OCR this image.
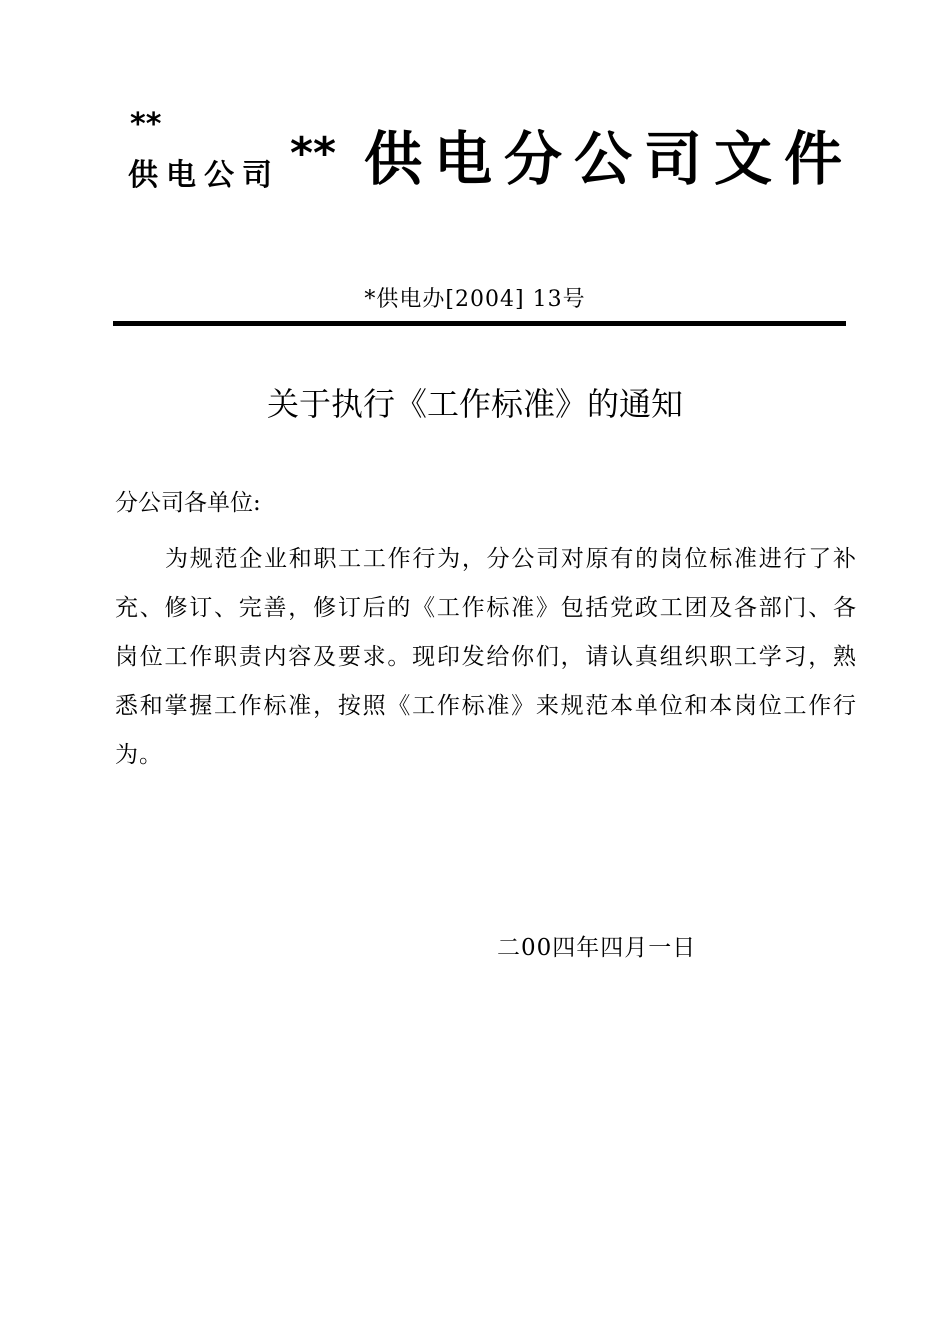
**
供电公司 ** 供电分公司文件
*供电办[2004] 13号
关于执行《工作标准》的通知
分公司各单位:
为规范企业和职工工作行为，分公司对原有的岗位标准进行了补充、修订、完善，修订后的《工作标准》包括党政工团及各部门、各岗位工作职责内容及要求。现印发给你们，请认真组织职工学习，熟悉和掌握工作标准，按照《工作标准》来规范本单位和本岗位工作行为。
二00四年四月一日
